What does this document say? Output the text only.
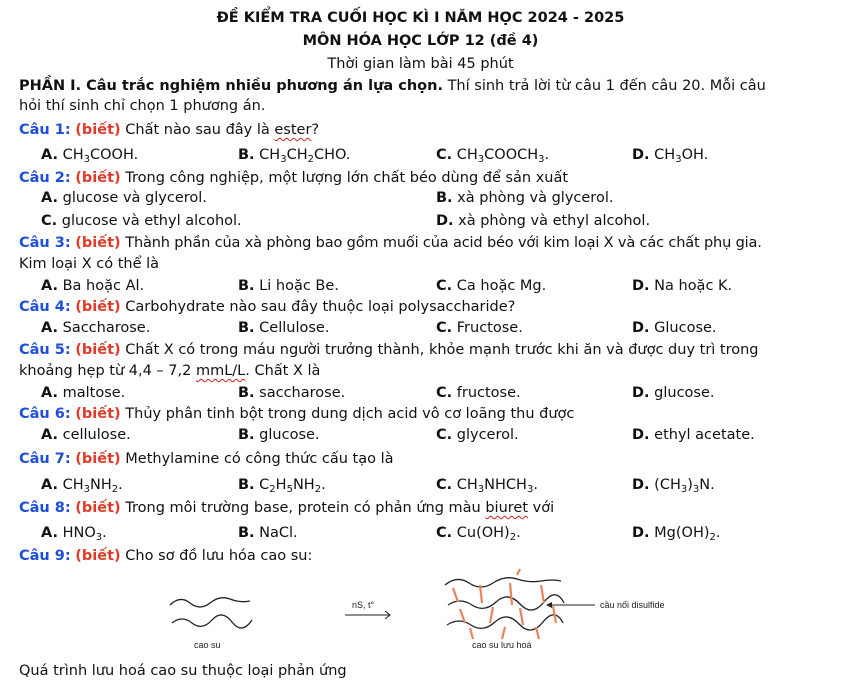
ĐỀ KIỂM TRA CUỐI HỌC KÌ I NĂM HỌC 2024 - 2025
MÔN HÓA HỌC LỚP 12 (đề 4)
Thời gian làm bài 45 phút
PHẦN I. Câu trắc nghiệm nhiều phương án lựa chọn. Thí sinh trả lời từ câu 1 đến câu 20. Mỗi câu
hỏi thí sinh chỉ chọn 1 phương án.
Câu 1: (biết) Chất nào sau đây là ester?
A. $CH_3COOH$.	B. $CH_3CH_2CHO$.	C. $CH_3COOCH_3$.	D. $CH_3OH$.
Câu 2: (biết) Trong công nghiệp, một lượng lớn chất béo dùng để sản xuất
A. glucose và glycerol.	B. xà phòng và glycerol.
C. glucose và ethyl alcohol.	D. xà phòng và ethyl alcohol.
Câu 3: (biết) Thành phần của xà phòng bao gồm muối của acid béo với kim loại X và các chất phụ gia.
Kim loại X có thể là
A. Ba hoặc Al.	B. Li hoặc Be.	C. Ca hoặc Mg.	D. Na hoặc K.
Câu 4: (biết) Carbohydrate nào sau đây thuộc loại polysaccharide?
A. Saccharose.	B. Cellulose.	C. Fructose.	D. Glucose.
Câu 5: (biết) Chất X có trong máu người trưởng thành, khỏe mạnh trước khi ăn và được duy trì trong
khoảng hẹp từ 4,4 – 7,2 mmL/L. Chất X là
A. maltose.	B. saccharose.	C. fructose.	D. glucose.
Câu 6: (biết) Thủy phân tinh bột trong dung dịch acid vô cơ loãng thu được
A. cellulose.	B. glucose.	C. glycerol.	D. ethyl acetate.
Câu 7: (biết) Methylamine có công thức cấu tạo là
A. $CH_3NH_2$.	B. $C_2H_5NH_2$.	C. $CH_3NHCH_3$.	D. $(CH_3)_3N$.
Câu 8: (biết) Trong môi trường base, protein có phản ứng màu biuret với
A. $HNO_3$.	B. NaCl.	C. $Cu(OH)_2$.	D. $Mg(OH)_2$.
Câu 9: (biết) Cho sơ đồ lưu hóa cao su:
cao su
nS, t°	cầu nối disulfide
cao su lưu hoá
Quá trình lưu hoá cao su thuộc loại phản ứng
